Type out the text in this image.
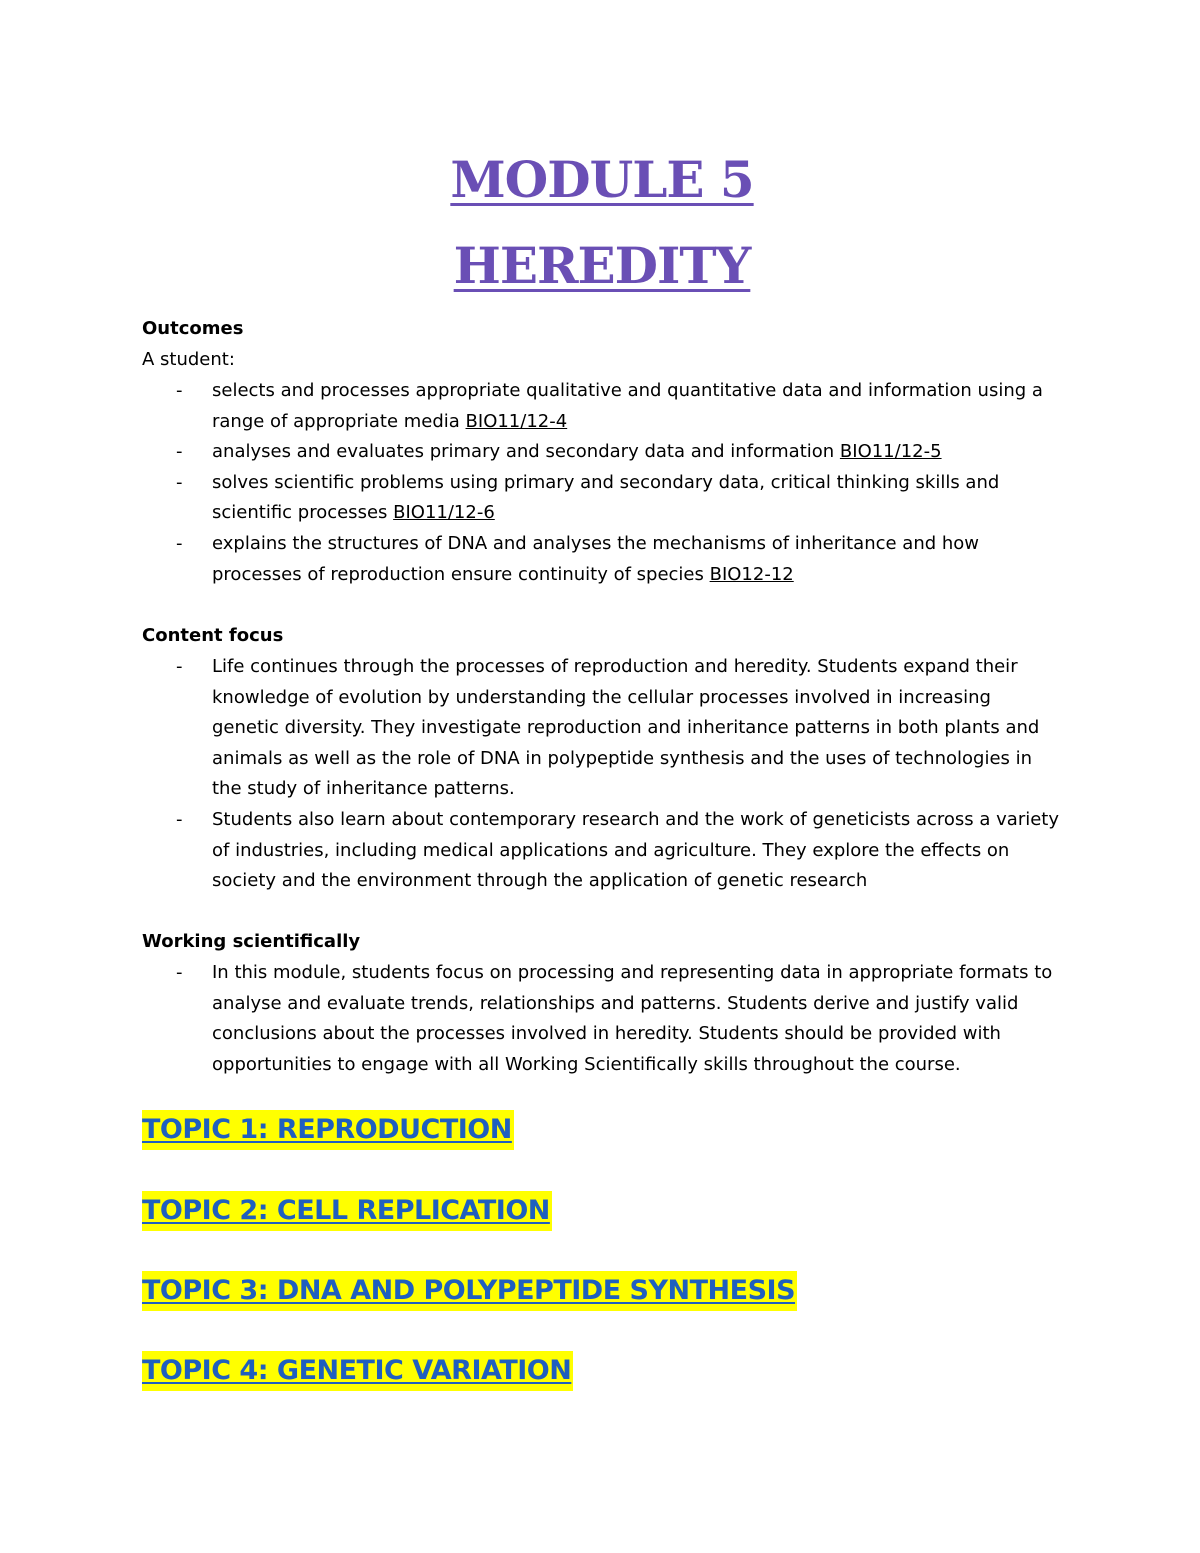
MODULE 5
HEREDITY

Outcomes

A student:

- selects and processes appropriate qualitative and quantitative data and information using a range of appropriate media BIO11/12-4
- analyses and evaluates primary and secondary data and information BIO11/12-5
- solves scientific problems using primary and secondary data, critical thinking skills and scientific processes BIO11/12-6
- explains the structures of DNA and analyses the mechanisms of inheritance and how processes of reproduction ensure continuity of species BIO12-12

Content focus

- Life continues through the processes of reproduction and heredity. Students expand their knowledge of evolution by understanding the cellular processes involved in increasing genetic diversity. They investigate reproduction and inheritance patterns in both plants and animals as well as the role of DNA in polypeptide synthesis and the uses of technologies in the study of inheritance patterns.
- Students also learn about contemporary research and the work of geneticists across a variety of industries, including medical applications and agriculture. They explore the effects on society and the environment through the application of genetic research

Working scientifically

- In this module, students focus on processing and representing data in appropriate formats to analyse and evaluate trends, relationships and patterns. Students derive and justify valid conclusions about the processes involved in heredity. Students should be provided with opportunities to engage with all Working Scientifically skills throughout the course.
TOPIC 1: REPRODUCTION
TOPIC 2: CELL REPLICATION
TOPIC 3: DNA AND POLYPEPTIDE SYNTHESIS
TOPIC 4: GENETIC VARIATION
